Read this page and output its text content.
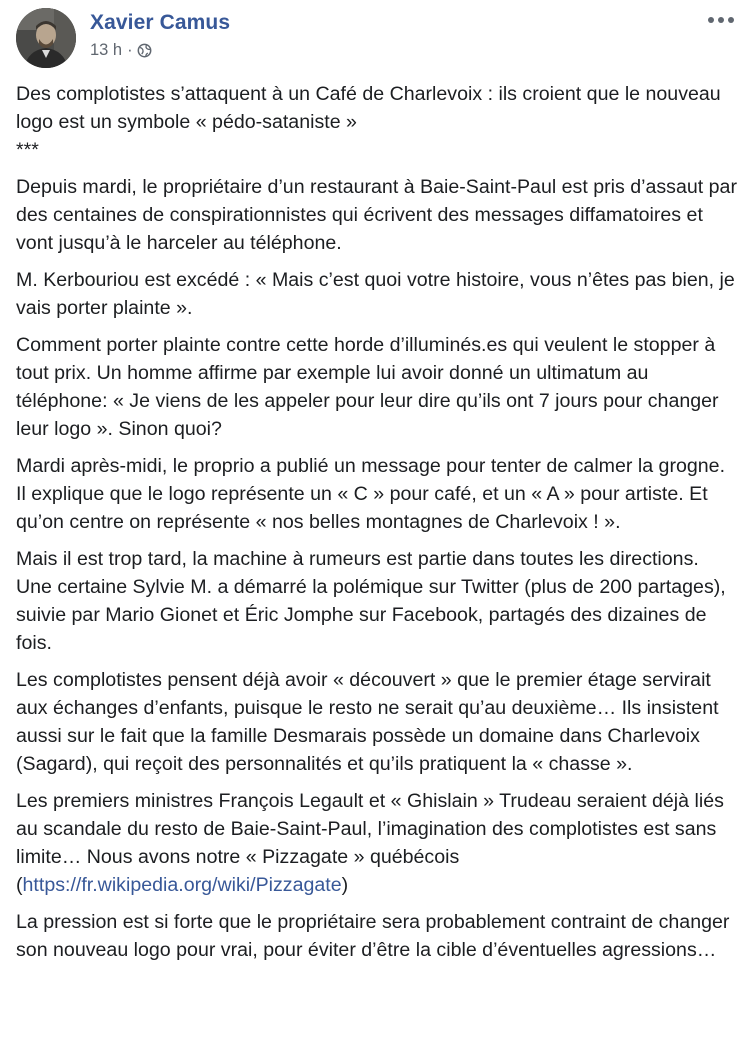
Xavier Camus
13 h ·

Des complotistes s’attaquent à un Café de Charlevoix : ils croient que le nouveau logo est un symbole « pédo-sataniste »
***

Depuis mardi, le propriétaire d’un restaurant à Baie-Saint-Paul est pris d’assaut par des centaines de conspirationnistes qui écrivent des messages diffamatoires et vont jusqu’à le harceler au téléphone.

M. Kerbouriou est excédé : « Mais c’est quoi votre histoire, vous n’êtes pas bien, je vais porter plainte ».

Comment porter plainte contre cette horde d’illuminés.es qui veulent le stopper à tout prix. Un homme affirme par exemple lui avoir donné un ultimatum au téléphone: « Je viens de les appeler pour leur dire qu’ils ont 7 jours pour changer leur logo ». Sinon quoi?

Mardi après-midi, le proprio a publié un message pour tenter de calmer la grogne. Il explique que le logo représente un « C » pour café, et un « A » pour artiste. Et qu’on centre on représente « nos belles montagnes de Charlevoix ! ».

Mais il est trop tard, la machine à rumeurs est partie dans toutes les directions. Une certaine Sylvie M. a démarré la polémique sur Twitter (plus de 200 partages), suivie par Mario Gionet et Éric Jomphe sur Facebook, partagés des dizaines de fois.

Les complotistes pensent déjà avoir « découvert » que le premier étage servirait aux échanges d’enfants, puisque le resto ne serait qu’au deuxième… Ils insistent aussi sur le fait que la famille Desmarais possède un domaine dans Charlevoix (Sagard), qui reçoit des personnalités et qu’ils pratiquent la « chasse ».

Les premiers ministres François Legault et « Ghislain » Trudeau seraient déjà liés au scandale du resto de Baie-Saint-Paul, l’imagination des complotistes est sans limite… Nous avons notre « Pizzagate » québécois (https://fr.wikipedia.org/wiki/Pizzagate)

La pression est si forte que le propriétaire sera probablement contraint de changer son nouveau logo pour vrai, pour éviter d’être la cible d’éventuelles agressions…
